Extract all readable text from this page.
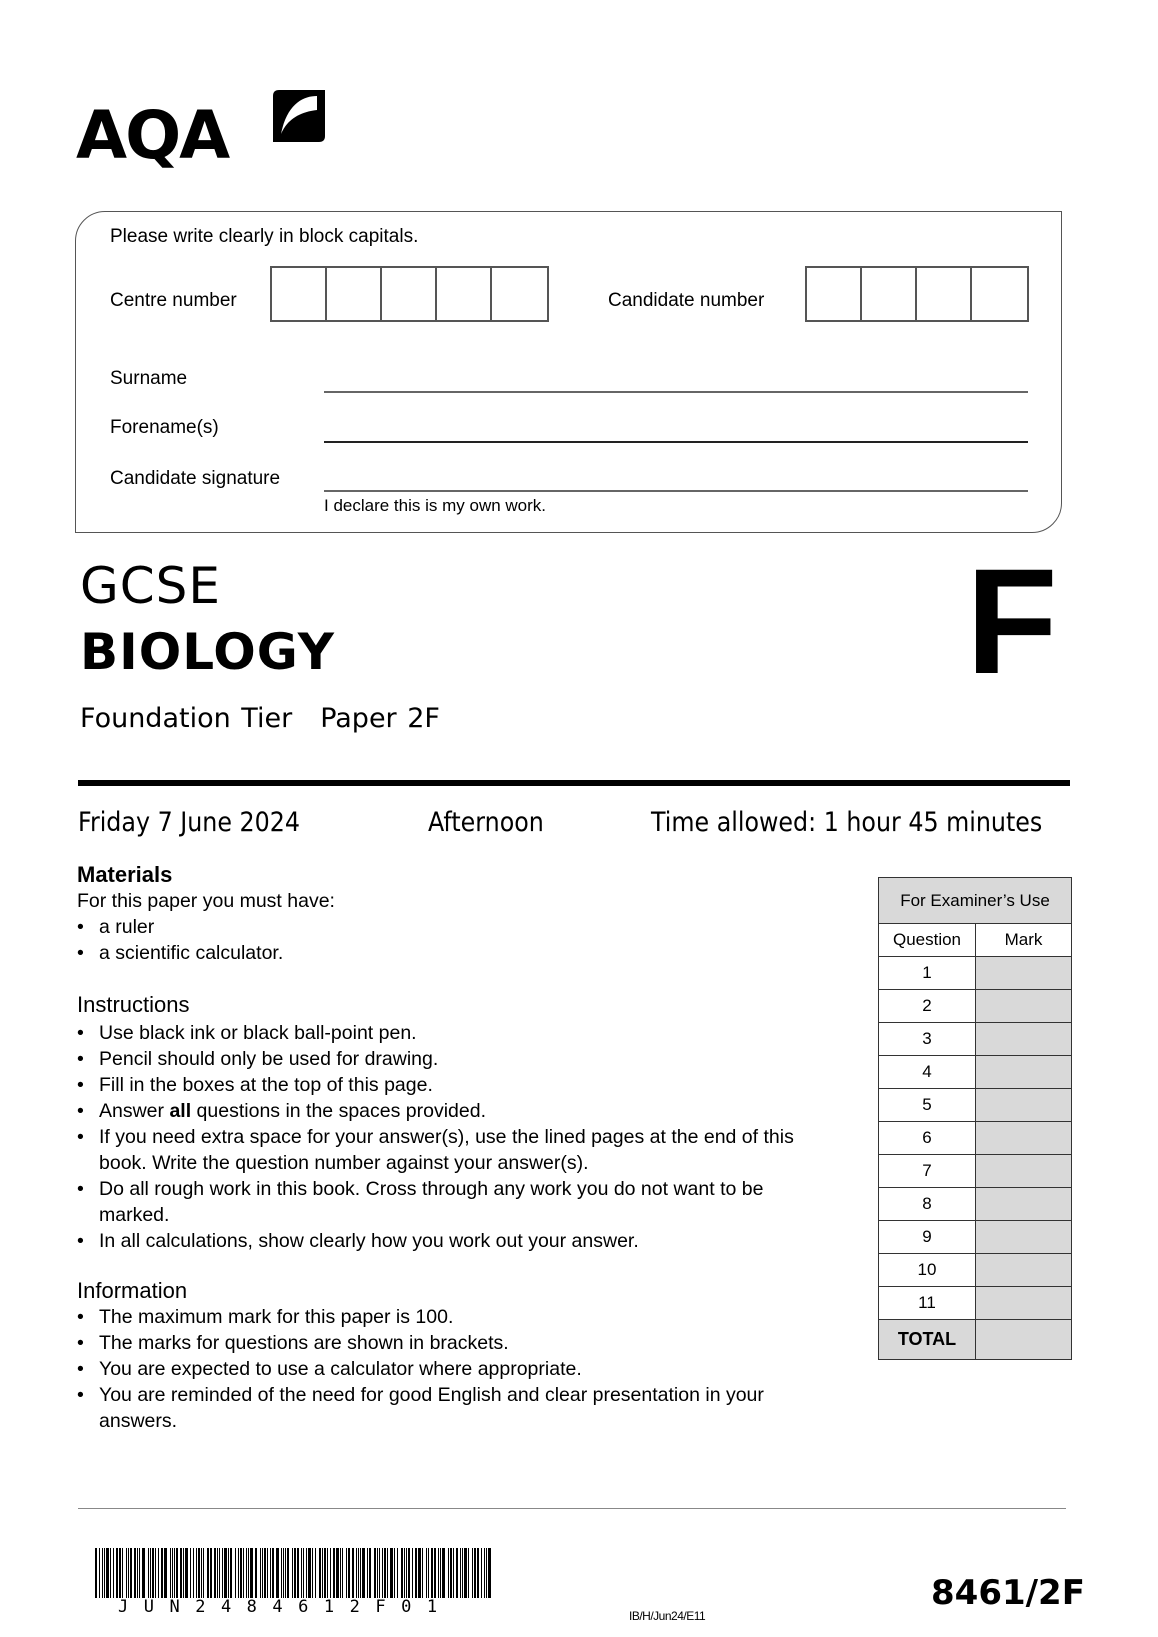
AQA
Please write clearly in block capitals.
Centre number	Candidate number
Surname
Forename(s)
Candidate signature
I declare this is my own work.
GCSE
BIOLOGY
Foundation Tier Paper 2F
F
Friday 7 June 2024	Afternoon	Time allowed: 1 hour 45 minutes
Materials
For this paper you must have:
• a ruler
• a scientific calculator.
Instructions
• Use black ink or black ball-point pen.
• Pencil should only be used for drawing.
• Fill in the boxes at the top of this page.
• Answer all questions in the spaces provided.
• If you need extra space for your answer(s), use the lined pages at the end of this book. Write the question number against your answer(s).
• Do all rough work in this book. Cross through any work you do not want to be marked.
• In all calculations, show clearly how you work out your answer.
Information
• The maximum mark for this paper is 100.
• The marks for questions are shown in brackets.
• You are expected to use a calculator where appropriate.
• You are reminded of the need for good English and clear presentation in your answers.
For Examiner’s Use	
Question	Mark
1	
2	
3	
4	
5	
6	
7	
8	
9	
10	
11	
TOTAL	
JUN2484612F01	IB/H/Jun24/E11
8461/2F
